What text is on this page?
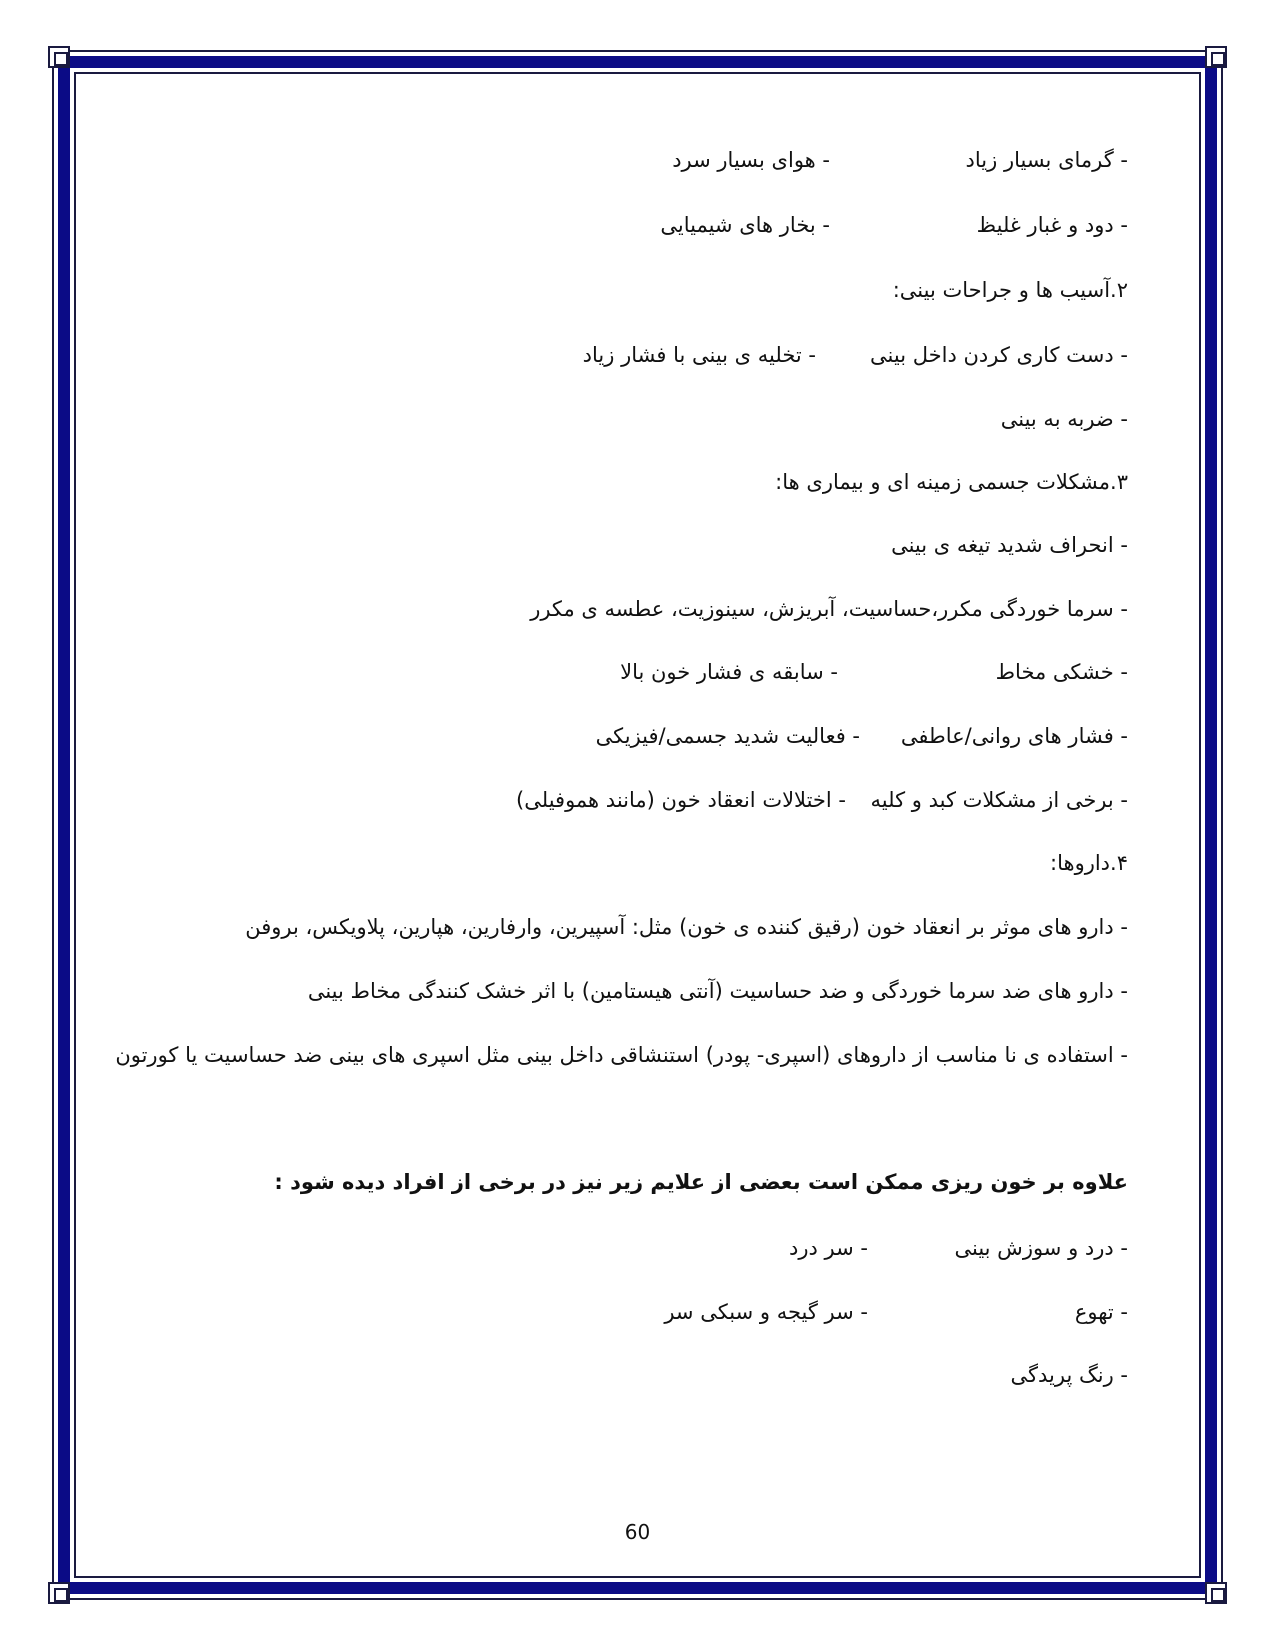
- گرمای بسیار زیاد
- هوای بسیار سرد
- دود و غبار غلیظ
- بخار های شیمیایی
۲.آسیب ها و جراحات بینی:
- دست کاری کردن داخل بینی
- تخلیه ی بینی با فشار زیاد
- ضربه به بینی
۳.مشکلات جسمی زمینه ای و بیماری ها:
- انحراف شدید تیغه ی بینی
- سرما خوردگی مکرر،حساسیت، آبریزش، سینوزیت، عطسه ی مکرر
- خشکی مخاط
- سابقه ی فشار خون بالا
- فشار های روانی/عاطفی
- فعالیت شدید جسمی/فیزیکی
- برخی از مشکلات کبد و کلیه
- اختلالات انعقاد خون (مانند هموفیلی)
۴.داروها:
- دارو های موثر بر انعقاد خون (رقیق کننده ی خون) مثل: آسپیرین، وارفارین، هپارین، پلاویکس، بروفن
- دارو های ضد سرما خوردگی و ضد حساسیت (آنتی هیستامین) با اثر خشک کنندگی مخاط بینی
- استفاده ی نا مناسب از داروهای (اسپری- پودر) استنشاقی داخل بینی مثل اسپری های بینی ضد حساسیت یا کورتون
علاوه بر خون ریزی ممکن است بعضی از علایم زیر نیز در برخی از افراد دیده شود :
- درد و سوزش بینی
- سر درد
- تهوع
- سر گیجه و سبکی سر
- رنگ پریدگی
60
